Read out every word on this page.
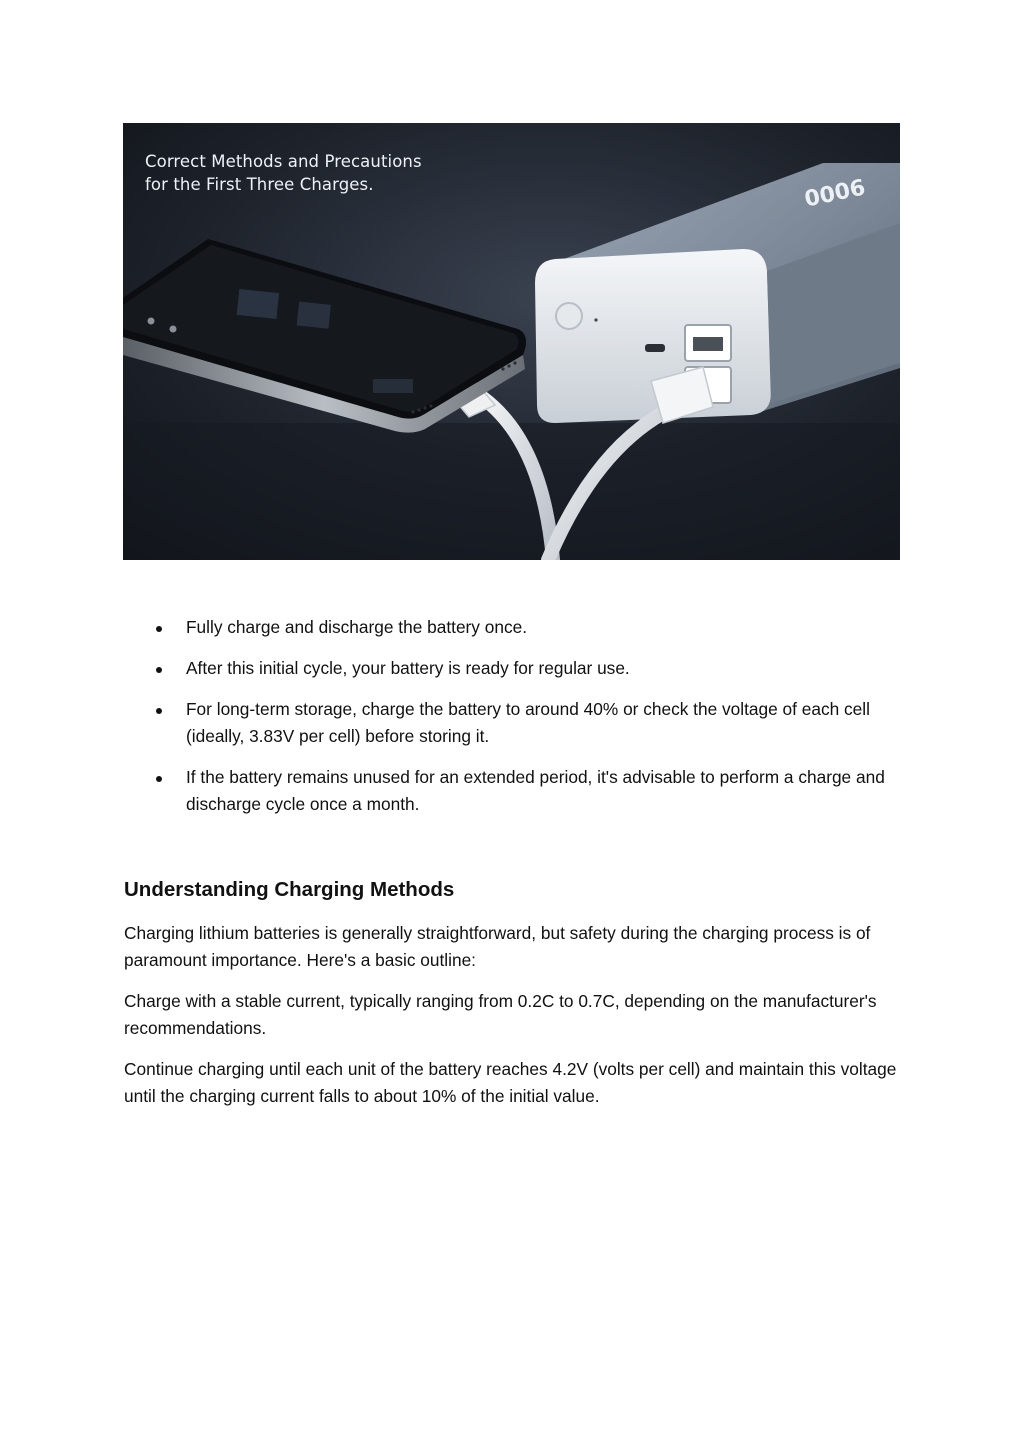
0006
Correct Methods and Precautions
for the First Three Charges.
Fully charge and discharge the battery once.
After this initial cycle, your battery is ready for regular use.
For long-term storage, charge the battery to around 40% or check the voltage of each cell (ideally, 3.83V per cell) before storing it.
If the battery remains unused for an extended period, it's advisable to perform a charge and discharge cycle once a month.
Understanding Charging Methods

Charging lithium batteries is generally straightforward, but safety during the charging process is of paramount importance. Here's a basic outline:

Charge with a stable current, typically ranging from 0.2C to 0.7C, depending on the manufacturer's recommendations.

Continue charging until each unit of the battery reaches 4.2V (volts per cell) and maintain this voltage until the charging current falls to about 10% of the initial value.
